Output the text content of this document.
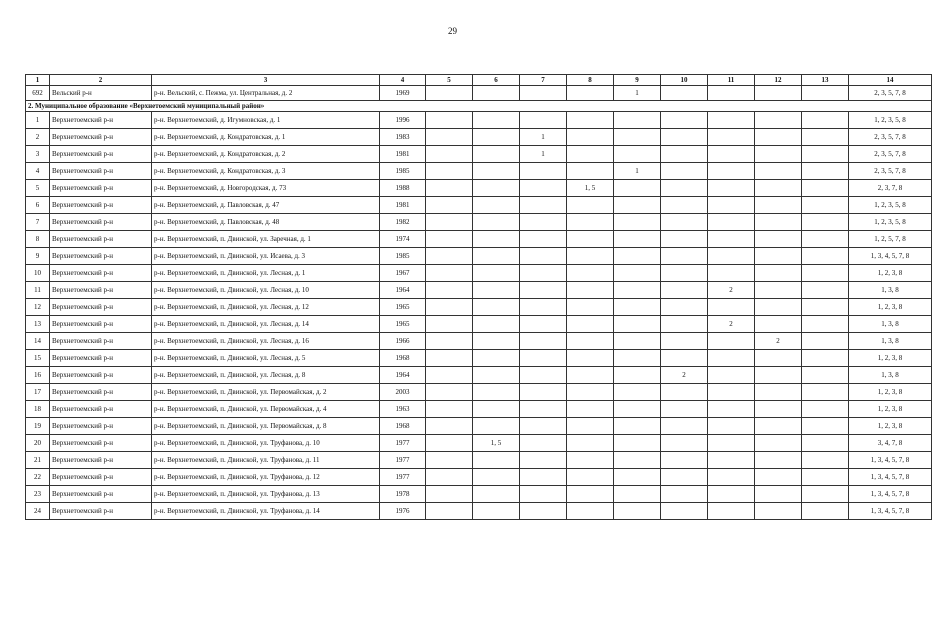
29
1	2	3	4	5	6	7	8	9	10	11	12	13	14
692	Вельский р-н	р-н. Вельский, с. Пежма, ул. Центральная, д. 2	1969					1					2, 3, 5, 7, 8
2. Муниципальное образование «Верхнетоемский муниципальный район»													
1	Верхнетоемский р-н	р-н. Верхнетоемский, д. Игумновская, д. 1	1996										1, 2, 3, 5, 8
2	Верхнетоемский р-н	р-н. Верхнетоемский, д. Кондратовская, д. 1	1983			1							2, 3, 5, 7, 8
3	Верхнетоемский р-н	р-н. Верхнетоемский, д. Кондратовская, д. 2	1981			1							2, 3, 5, 7, 8
4	Верхнетоемский р-н	р-н. Верхнетоемский, д. Кондратовская, д. 3	1985					1					2, 3, 5, 7, 8
5	Верхнетоемский р-н	р-н. Верхнетоемский, д. Новгородская, д. 73	1988				1, 5						2, 3, 7, 8
6	Верхнетоемский р-н	р-н. Верхнетоемский, д. Павловская, д. 47	1981										1, 2, 3, 5, 8
7	Верхнетоемский р-н	р-н. Верхнетоемский, д. Павловская, д. 48	1982										1, 2, 3, 5, 8
8	Верхнетоемский р-н	р-н. Верхнетоемский, п. Двинской, ул. Заречная, д. 1	1974										1, 2, 5, 7, 8
9	Верхнетоемский р-н	р-н. Верхнетоемский, п. Двинской, ул. Исаева, д. 3	1985										1, 3, 4, 5, 7, 8
10	Верхнетоемский р-н	р-н. Верхнетоемский, п. Двинской, ул. Лесная, д. 1	1967										1, 2, 3, 8
11	Верхнетоемский р-н	р-н. Верхнетоемский, п. Двинской, ул. Лесная, д. 10	1964							2			1, 3, 8
12	Верхнетоемский р-н	р-н. Верхнетоемский, п. Двинской, ул. Лесная, д. 12	1965										1, 2, 3, 8
13	Верхнетоемский р-н	р-н. Верхнетоемский, п. Двинской, ул. Лесная, д. 14	1965							2			1, 3, 8
14	Верхнетоемский р-н	р-н. Верхнетоемский, п. Двинской, ул. Лесная, д. 16	1966								2		1, 3, 8
15	Верхнетоемский р-н	р-н. Верхнетоемский, п. Двинской, ул. Лесная, д. 5	1968										1, 2, 3, 8
16	Верхнетоемский р-н	р-н. Верхнетоемский, п. Двинской, ул. Лесная, д. 8	1964						2				1, 3, 8
17	Верхнетоемский р-н	р-н. Верхнетоемский, п. Двинской, ул. Первомайская, д. 2	2003										1, 2, 3, 8
18	Верхнетоемский р-н	р-н. Верхнетоемский, п. Двинской, ул. Первомайская, д. 4	1963										1, 2, 3, 8
19	Верхнетоемский р-н	р-н. Верхнетоемский, п. Двинской, ул. Первомайская, д. 8	1968										1, 2, 3, 8
20	Верхнетоемский р-н	р-н. Верхнетоемский, п. Двинской, ул. Труфанова, д. 10	1977		1, 5								3, 4, 7, 8
21	Верхнетоемский р-н	р-н. Верхнетоемский, п. Двинской, ул. Труфанова, д. 11	1977										1, 3, 4, 5, 7, 8
22	Верхнетоемский р-н	р-н. Верхнетоемский, п. Двинской, ул. Труфанова, д. 12	1977										1, 3, 4, 5, 7, 8
23	Верхнетоемский р-н	р-н. Верхнетоемский, п. Двинской, ул. Труфанова, д. 13	1978										1, 3, 4, 5, 7, 8
24	Верхнетоемский р-н	р-н. Верхнетоемский, п. Двинской, ул. Труфанова, д. 14	1976										1, 3, 4, 5, 7, 8
